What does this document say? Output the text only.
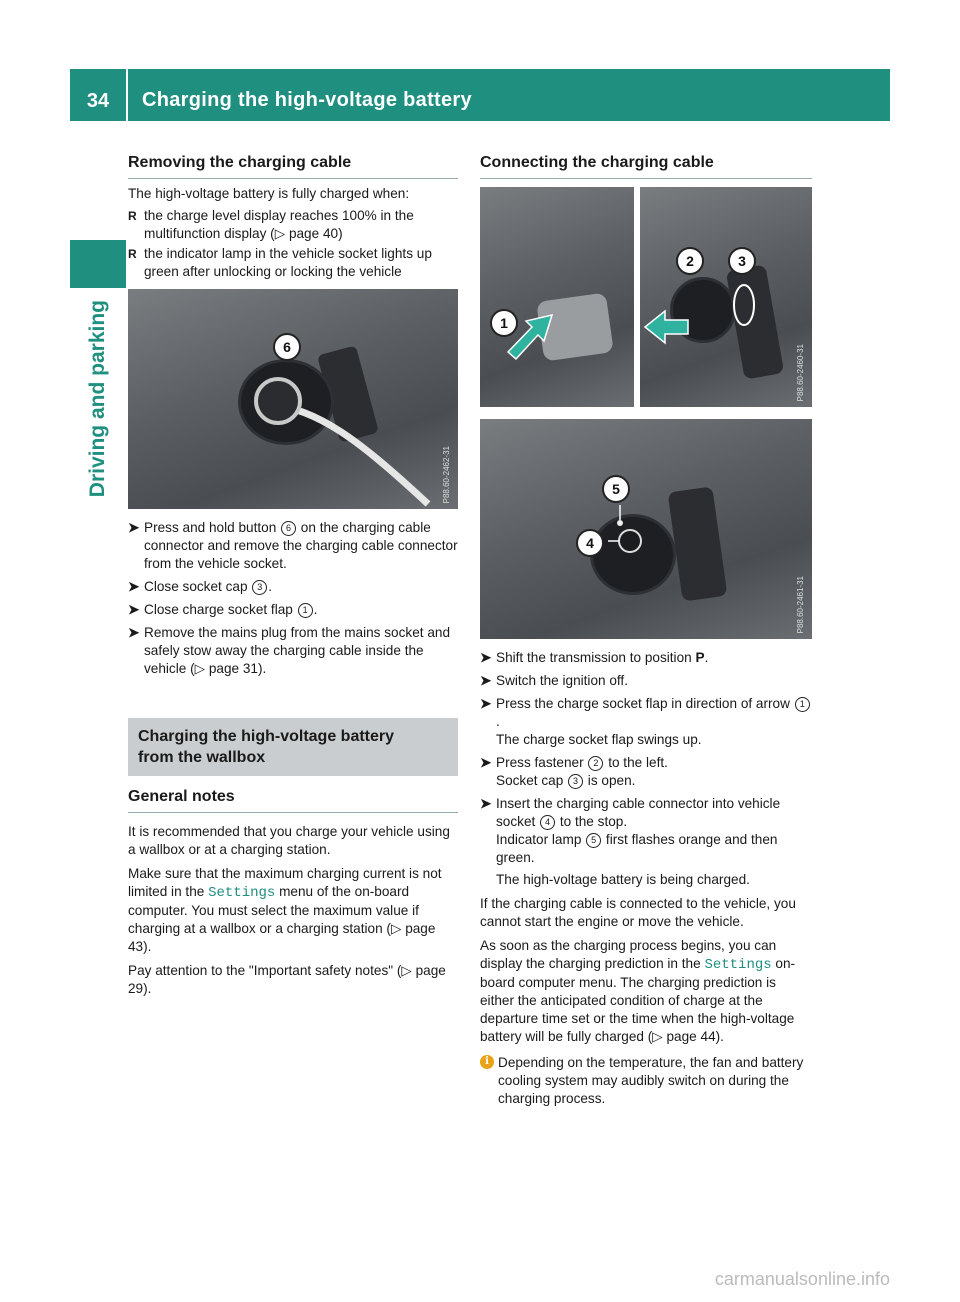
34	Charging the high-voltage battery
Driving and parking
Removing the charging cable

The high-voltage battery is fully charged when:

R the charge level display reaches 100% in the multifunction display (▷ page 40)
R the indicator lamp in the vehicle socket lights up green after unlocking or locking the vehicle
6
P88.60-2462-31
➤ Press and hold button 6 on the charging cable connector and remove the charging cable connector from the vehicle socket.
➤ Close socket cap 3 .
➤ Close charge socket flap 1 .
➤ Remove the mains plug from the mains socket and safely stow away the charging cable inside the vehicle (▷ page 31).
Charging the high-voltage battery
from the wallbox
General notes

It is recommended that you charge your vehicle using a wallbox or at a charging station.

Make sure that the maximum charging current is not limited in the Settings menu of the on-board computer. You must select the maximum value if charging at a wallbox or a charging station (▷ page 43).

Pay attention to the "Important safety notes" (▷ page 29).

Connecting the charging cable
1
2	3
P88.60-2460-31
5
4
P88.60-2461-31
➤ Shift the transmission to position P.
➤ Switch the ignition off.
➤ Press the charge socket flap in direction of arrow 1.
The charge socket flap swings up.
➤ Press fastener 2 to the left.
Socket cap 3 is open.
➤ Insert the charging cable connector into vehicle socket 4 to the stop.
Indicator lamp 5 first flashes orange and then green.
The high-voltage battery is being charged.

If the charging cable is connected to the vehicle, you cannot start the engine or move the vehicle.

As soon as the charging process begins, you can display the charging prediction in the Settings on-board computer menu. The charging prediction is either the anticipated condition of charge at the departure time set or the time when the high-voltage battery will be fully charged (▷ page 44).

i Depending on the temperature, the fan and battery cooling system may audibly switch on during the charging process.

carmanualsonline.info
